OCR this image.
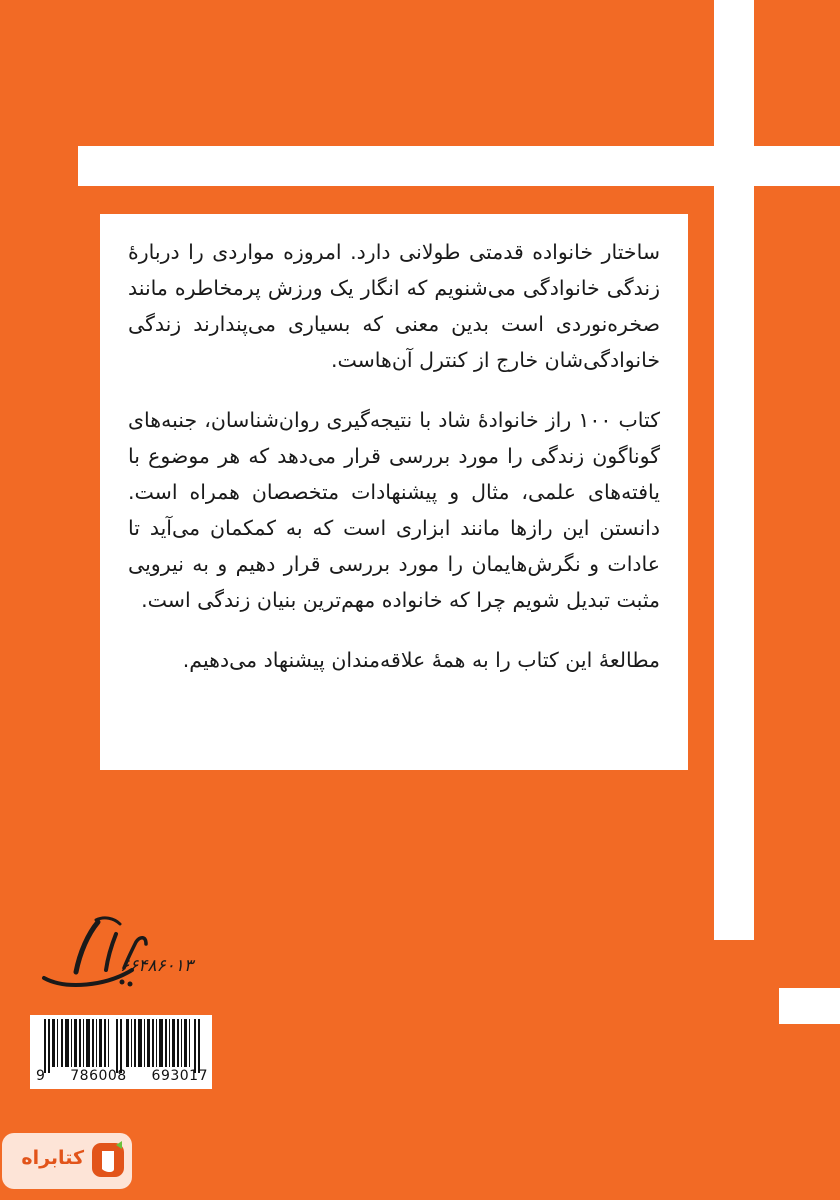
ساختار خانواده قدمتی طولانی دارد. امروزه مواردی را دربارهٔ زندگی خانوادگی می‌شنویم که انگار یک ورزش پرمخاطره مانند صخره‌نوردی است بدین معنی که بسیاری می‌پندارند زندگی خانوادگی‌شان خارج از کنترل آن‌هاست.

کتاب ۱۰۰ راز خانوادهٔ شاد با نتیجه‌گیری روان‌شناسان، جنبه‌های گوناگون زندگی را مورد بررسی قرار می‌دهد که هر موضوع با یافته‌های علمی، مثال و پیشنهادات متخصصان همراه است. دانستن این رازها مانند ابزاری است که به کمکمان می‌آید تا عادات و نگرش‌هایمان را مورد بررسی قرار دهیم و به نیرویی مثبت تبدیل شویم چرا که خانواده مهم‌ترین بنیان زندگی است.

مطالعهٔ این کتاب را به همهٔ علاقه‌مندان پیشنهاد می‌دهیم.

۶۶۴۸۶۰۱۳
9 786008 693017
کتابراه
